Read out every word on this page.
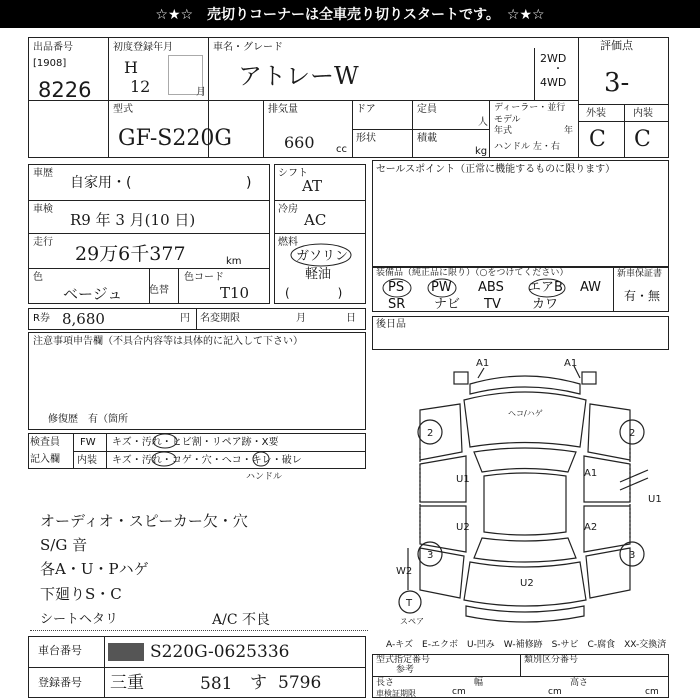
☆★☆　売切りコーナーは全車売り切りスタートです。　☆★☆
出品番号
[1908]
8226
初度登録年月
H
12	月
車名・グレード
アトレーW
2WD
・
4WD
評価点
3-
型式
GF-S220G
排気量
660 cc
ドア
形状
定員
人
積載
kg
ディーラー・並行
モデル
年式	年
ハンドル 左・右
外装	内装
C C
車歴
自家用・(	)
車検
R9 年 3 月(10 日)
走行
29万6千377	km
色
ベージュ	色替
色コード
T10
シフト
AT
冷房
AC
燃料
ガソリン
軽油
(　　　　)
セールスポイント（正常に機能するものに限ります）
装備品（純正品に限り）（○をつけてください）	新車保証書
有・無
PS PW ABS エアB AW
SR ナビ TV カワ
R券 8,680	円 名変期限	月	日
注意事項申告欄（不具合内容等は具体的に記入して下さい）
修復歴　有（箇所
後日品
検査員
記入欄
FW キズ・汚れ・ヒビ割・リペア跡・X要
内装 キズ・汚れ・コゲ・穴・へコ・キレ・破レ
ハンドル
オーディオ・スピーカー欠・穴
S/G 音
各A・U・Pハゲ
下廻りS・C
シートヘタリ	A/C 不良
車台番号	S220G-0625336
登録番号 三重	581 す 5796
A-キズ　E-エクボ　U-凹み　W-補修跡　S-サビ　C-腐食　XX-交換済
型式指定番号	類別区分番号
参考
長さ
cm
幅
cm
高さ
cm
車検証期限
A1	A1
2	2
U1
A1
U2	A2
3	3
U2
U1
W2
T
スペア
ヘコ/ハゲ
